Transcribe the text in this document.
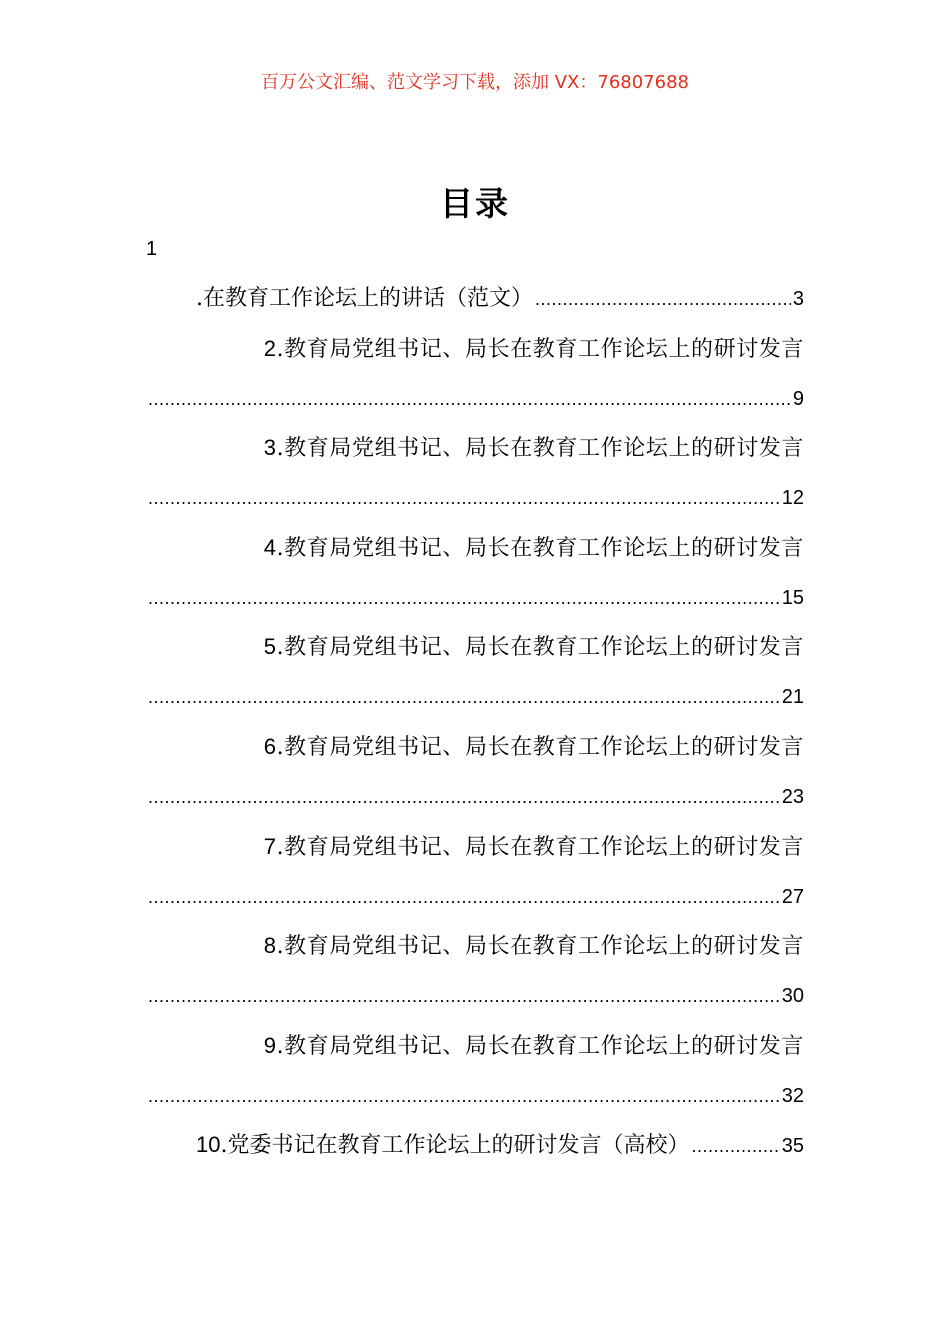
百万公文汇编、范文学习下载，添加 VX：76807688
目录
1
.在教育工作论坛上的讲话（范文） .....	3
2.教育局党组书记、局长在教育工作论坛上的研讨发言
.....
9
3.教育局党组书记、局长在教育工作论坛上的研讨发言
.....
12
4.教育局党组书记、局长在教育工作论坛上的研讨发言
.....
15
5.教育局党组书记、局长在教育工作论坛上的研讨发言
.....
21
6.教育局党组书记、局长在教育工作论坛上的研讨发言
.....
23
7.教育局党组书记、局长在教育工作论坛上的研讨发言
.....
27
8.教育局党组书记、局长在教育工作论坛上的研讨发言
.....
30
9.教育局党组书记、局长在教育工作论坛上的研讨发言
.....
32
10 .党委书记在教育工作论坛上的研讨发言（高校） .....	35
